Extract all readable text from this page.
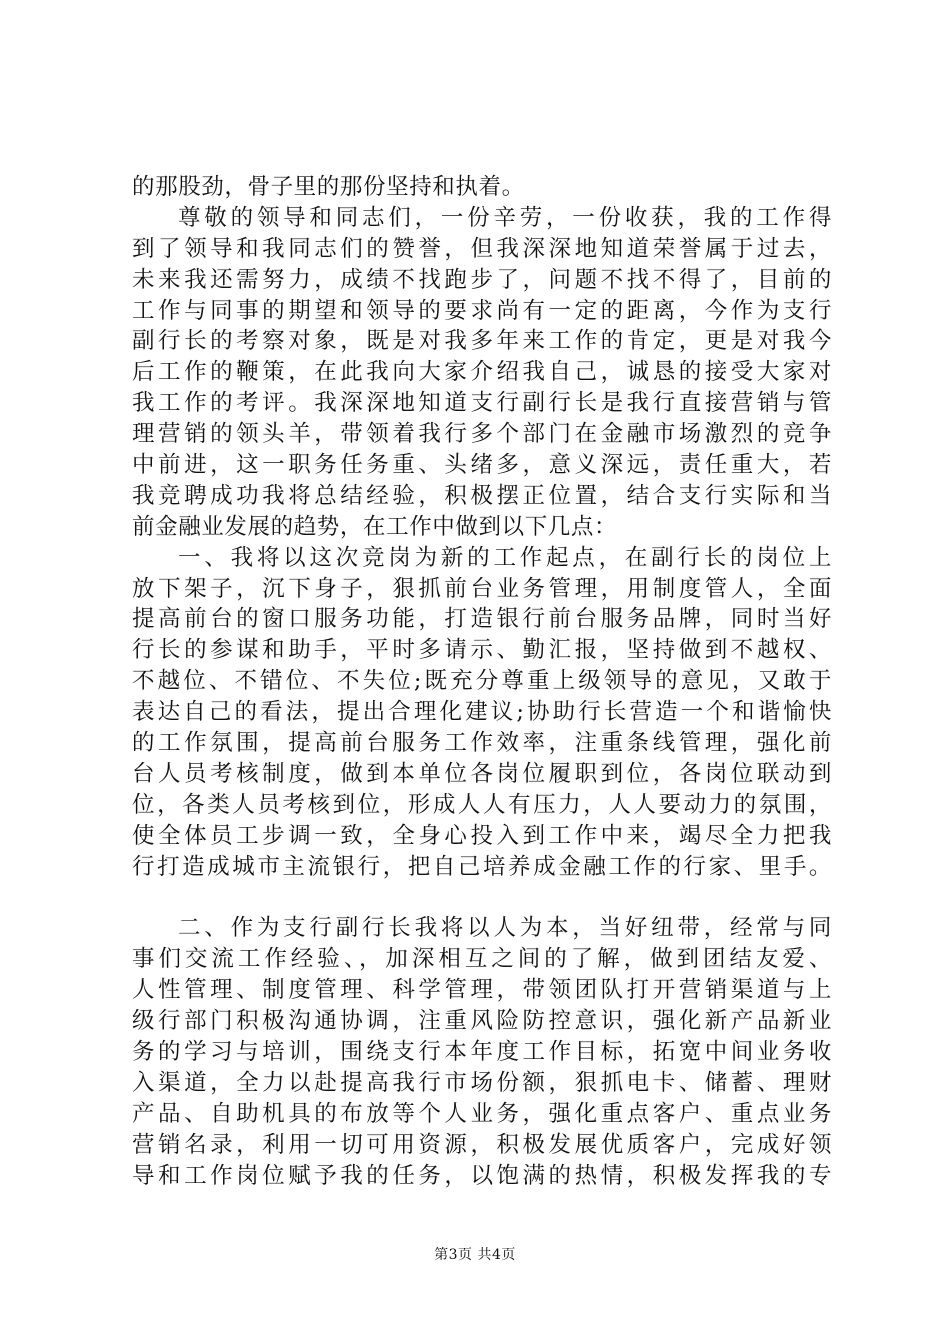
的那股劲，骨子里的那份坚持和执着。
尊敬的领导和同志们，一份辛劳，一份收获，我的工作得
到了领导和我同志们的赞誉，但我深深地知道荣誉属于过去，
未来我还需努力，成绩不找跑步了，问题不找不得了，目前的
工作与同事的期望和领导的要求尚有一定的距离，今作为支行
副行长的考察对象，既是对我多年来工作的肯定，更是对我今
后工作的鞭策，在此我向大家介绍我自己，诚恳的接受大家对
我工作的考评。我深深地知道支行副行长是我行直接营销与管
理营销的领头羊，带领着我行多个部门在金融市场激烈的竞争
中前进，这一职务任务重、头绪多，意义深远，责任重大，若
我竞聘成功我将总结经验，积极摆正位置，结合支行实际和当
前金融业发展的趋势，在工作中做到以下几点：
一、我将以这次竞岗为新的工作起点，在副行长的岗位上
放下架子，沉下身子，狠抓前台业务管理，用制度管人，全面
提高前台的窗口服务功能，打造银行前台服务品牌，同时当好
行长的参谋和助手，平时多请示、勤汇报，坚持做到不越权、
不越位、不错位、不失位;既充分尊重上级领导的意见，又敢于
表达自己的看法，提出合理化建议;协助行长营造一个和谐愉快
的工作氛围，提高前台服务工作效率，注重条线管理，强化前
台人员考核制度，做到本单位各岗位履职到位，各岗位联动到
位，各类人员考核到位，形成人人有压力，人人要动力的氛围，
使全体员工步调一致，全身心投入到工作中来，竭尽全力把我
行打造成城市主流银行，把自己培养成金融工作的行家、里手。
二、作为支行副行长我将以人为本，当好纽带，经常与同
事们交流工作经验、，加深相互之间的了解，做到团结友爱、
人性管理、制度管理、科学管理，带领团队打开营销渠道与上
级行部门积极沟通协调，注重风险防控意识，强化新产品新业
务的学习与培训，围绕支行本年度工作目标，拓宽中间业务收
入渠道，全力以赴提高我行市场份额，狠抓电卡、储蓄、理财
产品、自助机具的布放等个人业务，强化重点客户、重点业务
营销名录，利用一切可用资源，积极发展优质客户，完成好领
导和工作岗位赋予我的任务，以饱满的热情，积极发挥我的专
第3页 共4页
